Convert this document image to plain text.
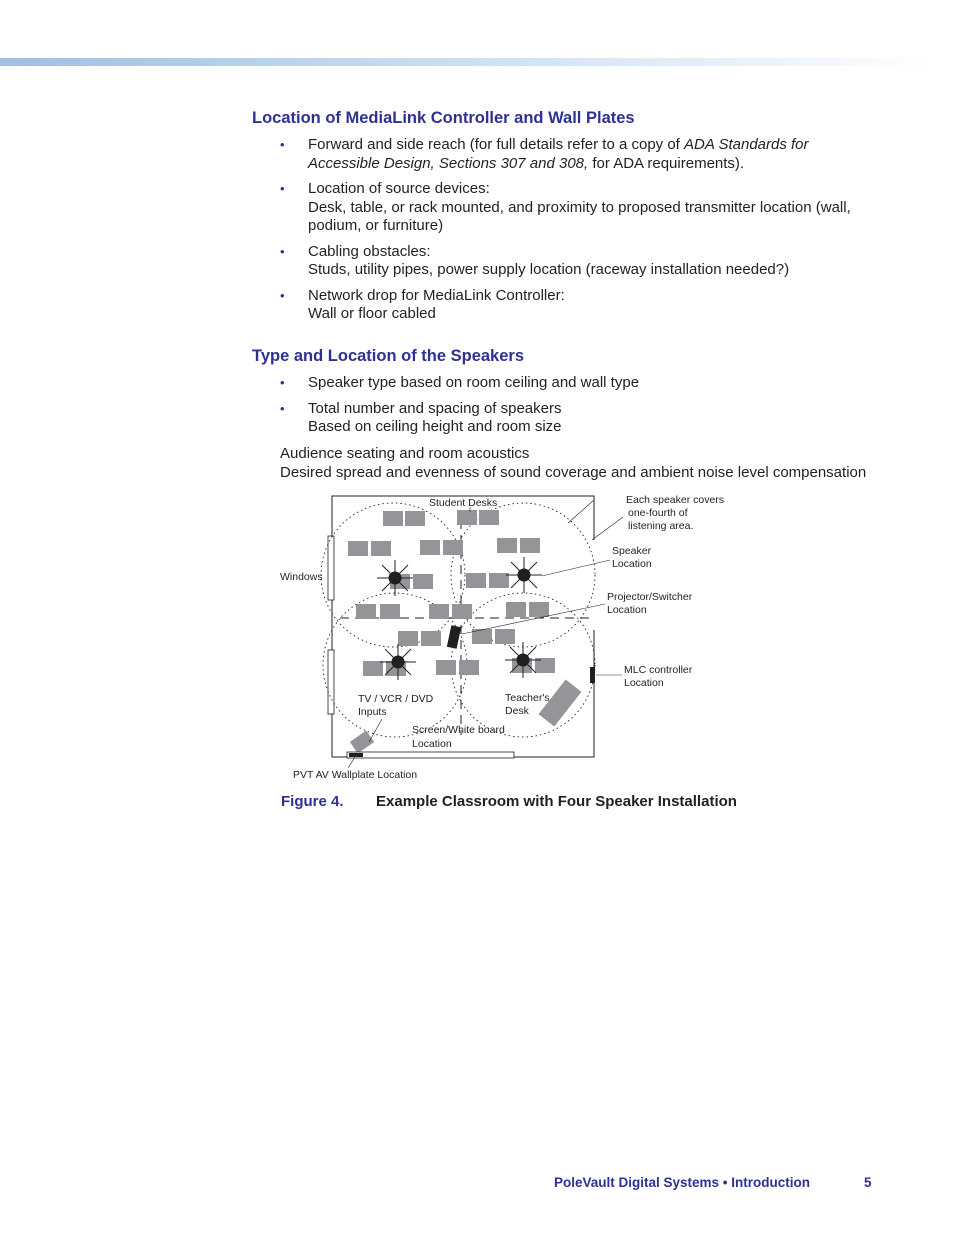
Location of MediaLink Controller and Wall Plates
• Forward and side reach (for full details refer to a copy of ADA Standards for Accessible Design, Sections 307 and 308, for ADA requirements).
• Location of source devices:
Desk, table, or rack mounted, and proximity to proposed transmitter location (wall, podium, or furniture)
• Cabling obstacles:
Studs, utility pipes, power supply location (raceway installation needed?)
• Network drop for MediaLink Controller:
Wall or floor cabled
Type and Location of the Speakers
• Speaker type based on room ceiling and wall type
• Total number and spacing of speakers
Based on ceiling height and room size
Audience seating and room acoustics
Desired spread and evenness of sound coverage and ambient noise level compensation
Student Desks	Each speaker covers
one-fourth of
listening area.
Speaker
Location
Projector/Switcher
Location
Windows
MLC controller
Location
TV / VCR / DVD
Inputs
Teacher's
Desk
Screen/White board
Location
PVT AV Wallplate Location
Figure 4. Example Classroom with Four Speaker Installation
PoleVault Digital Systems • Introduction	5
